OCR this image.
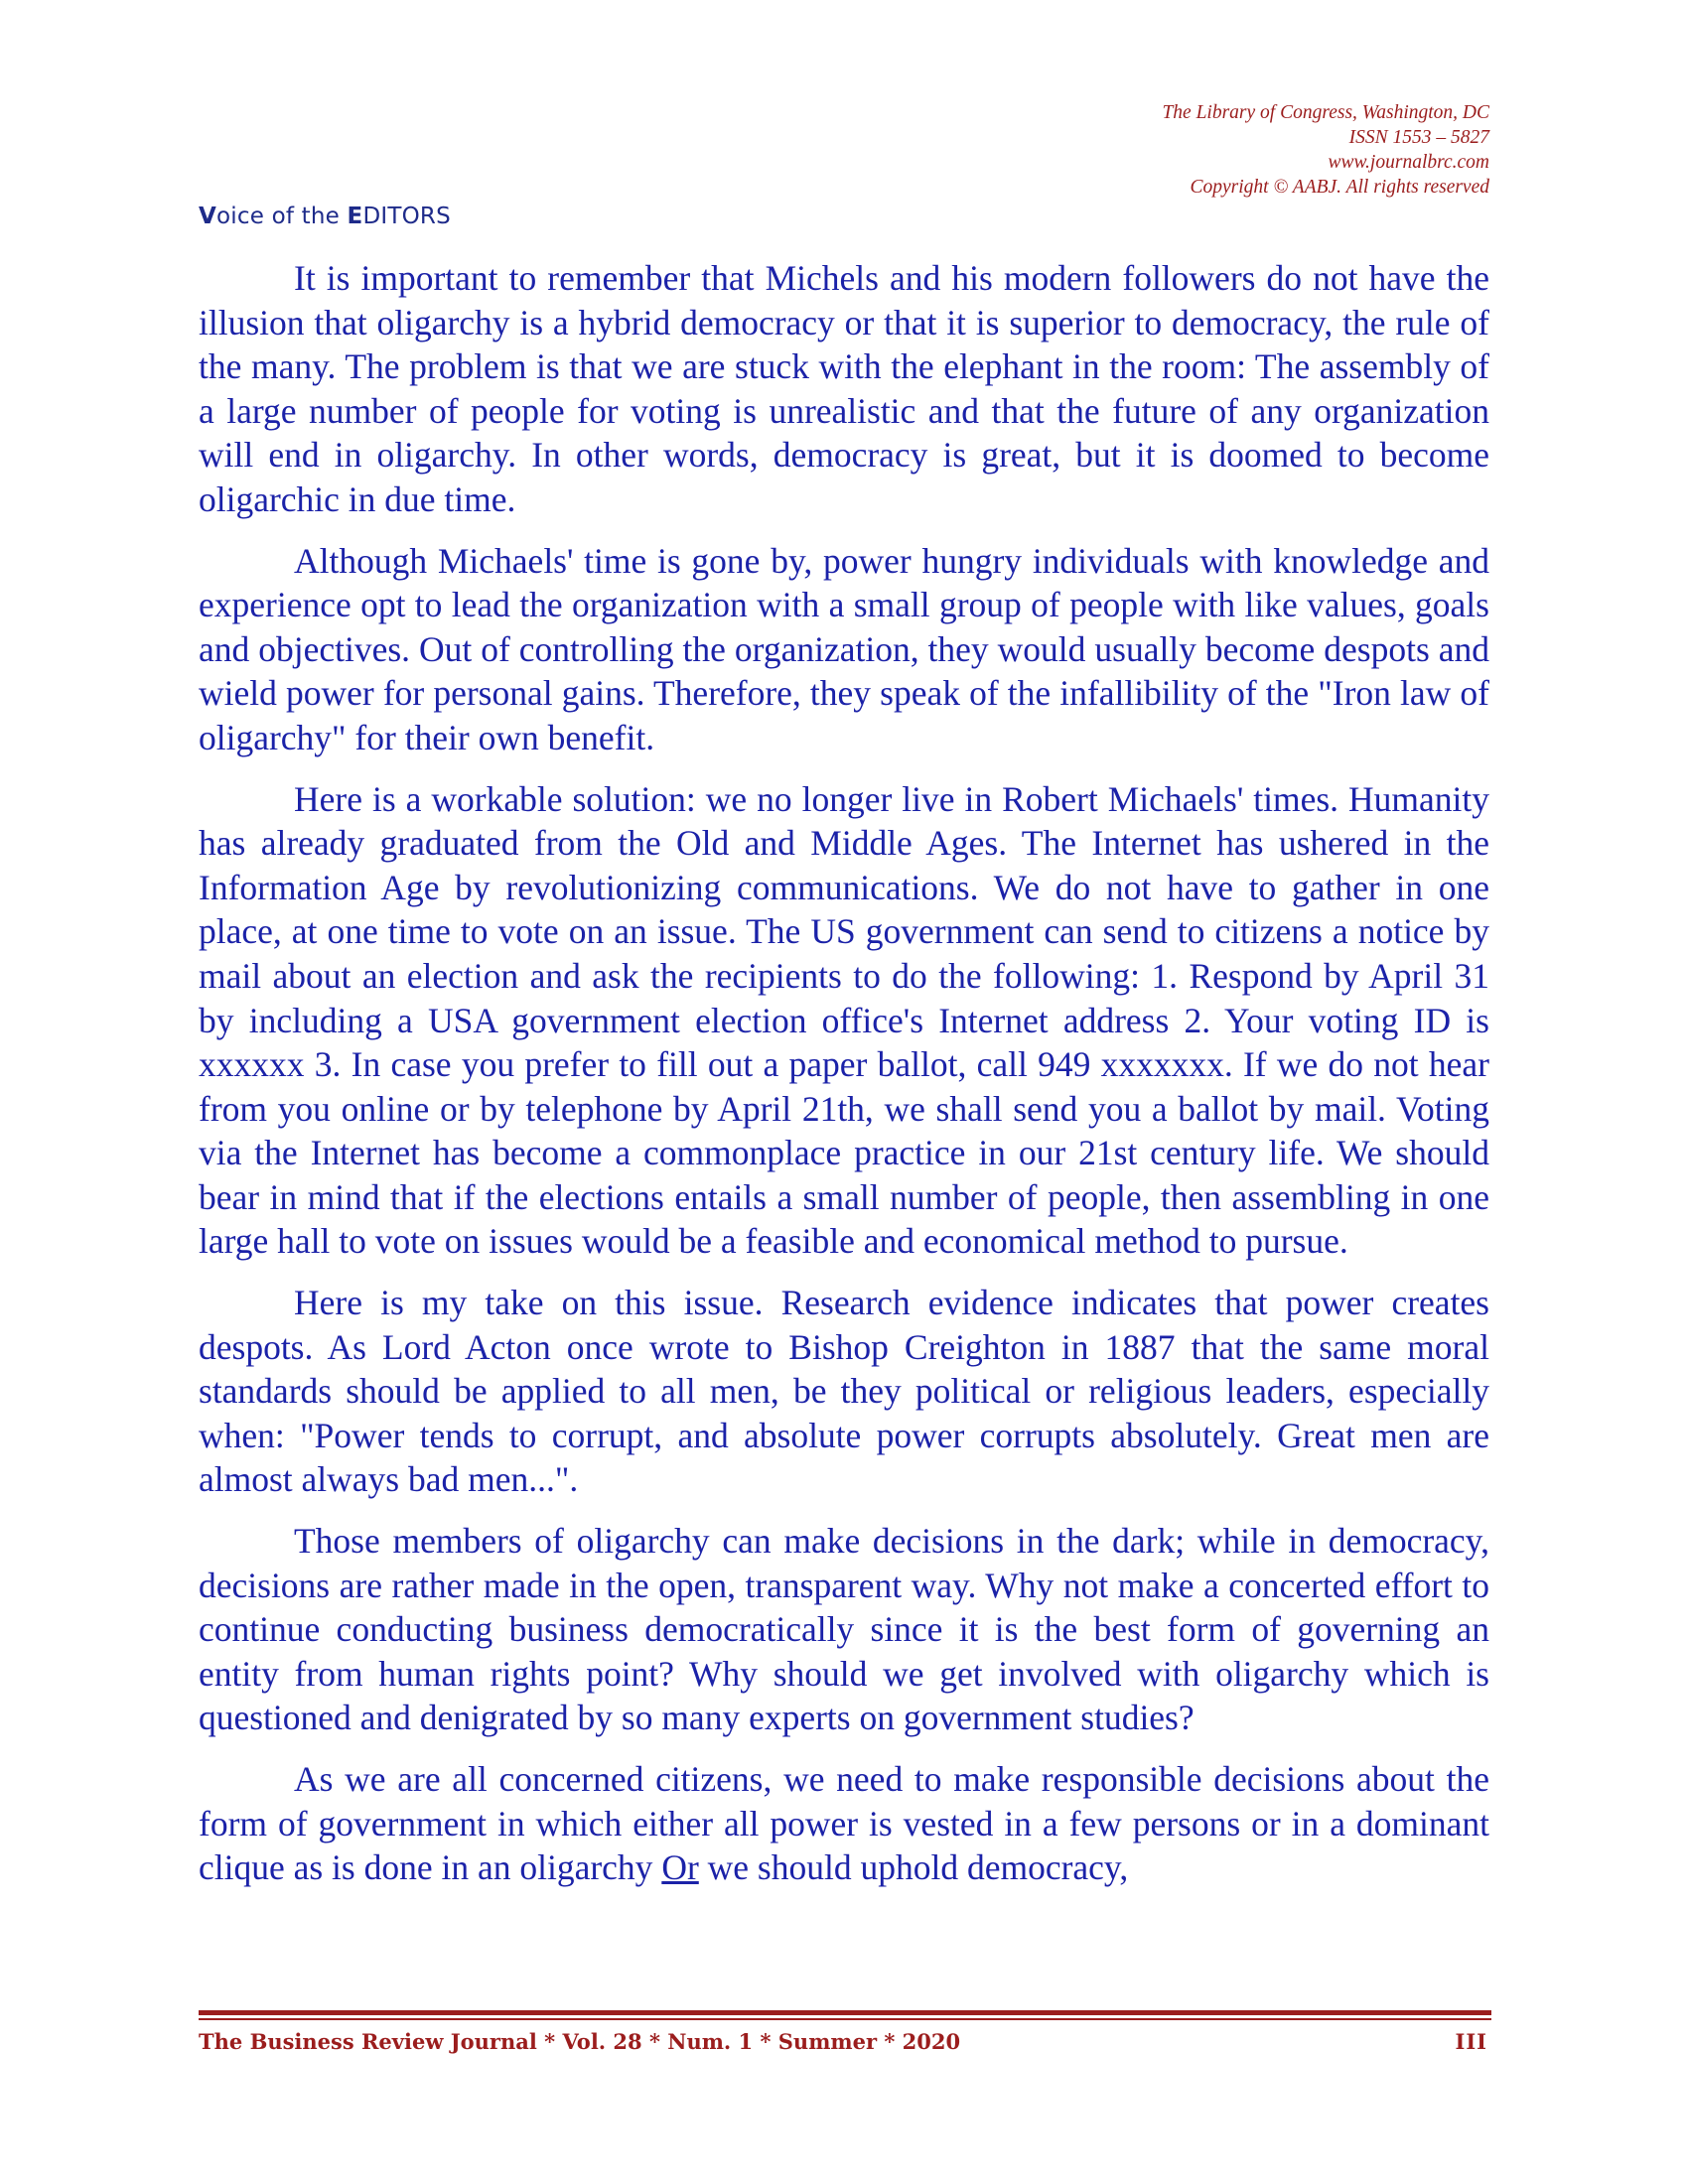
The Library of Congress, Washington, DC
ISSN 1553 – 5827
www.journalbrc.com
Copyright © AABJ. All rights reserved
Voice of the EDITORS

It is important to remember that Michels and his modern followers do not have the illusion that oligarchy is a hybrid democracy or that it is superior to democracy, the rule of the many. The problem is that we are stuck with the elephant in the room: The assembly of a large number of people for voting is unrealistic and that the future of any organization will end in oligarchy. In other words, democracy is great, but it is doomed to become oligarchic in due time.

Although Michaels' time is gone by, power hungry individuals with knowledge and experience opt to lead the organization with a small group of people with like values, goals and objectives. Out of controlling the organization, they would usually become despots and wield power for personal gains. Therefore, they speak of the infallibility of the "Iron law of oligarchy" for their own benefit.

Here is a workable solution: we no longer live in Robert Michaels' times. Humanity has already graduated from the Old and Middle Ages. The Internet has ushered in the Information Age by revolutionizing communications. We do not have to gather in one place, at one time to vote on an issue. The US government can send to citizens a notice by mail about an election and ask the recipients to do the following: 1. Respond by April 31 by including a USA government election office's Internet address 2. Your voting ID is xxxxxx 3. In case you prefer to fill out a paper ballot, call 949 xxxxxxx. If we do not hear from you online or by telephone by April 21th, we shall send you a ballot by mail. Voting via the Internet has become a commonplace practice in our 21st century life. We should bear in mind that if the elections entails a small number of people, then assembling in one large hall to vote on issues would be a feasible and economical method to pursue.

Here is my take on this issue. Research evidence indicates that power creates despots. As Lord Acton once wrote to Bishop Creighton in 1887 that the same moral standards should be applied to all men, be they political or religious leaders, especially when: "Power tends to corrupt, and absolute power corrupts absolutely. Great men are almost always bad men...".

Those members of oligarchy can make decisions in the dark; while in democracy, decisions are rather made in the open, transparent way. Why not make a concerted effort to continue conducting business democratically since it is the best form of governing an entity from human rights point? Why should we get involved with oligarchy which is questioned and denigrated by so many experts on government studies?

As we are all concerned citizens, we need to make responsible decisions about the form of government in which either all power is vested in a few persons or in a dominant clique as is done in an oligarchy Or we should uphold democracy,

The Business Review Journal * Vol. 28 * Num. 1 * Summer * 2020	III
